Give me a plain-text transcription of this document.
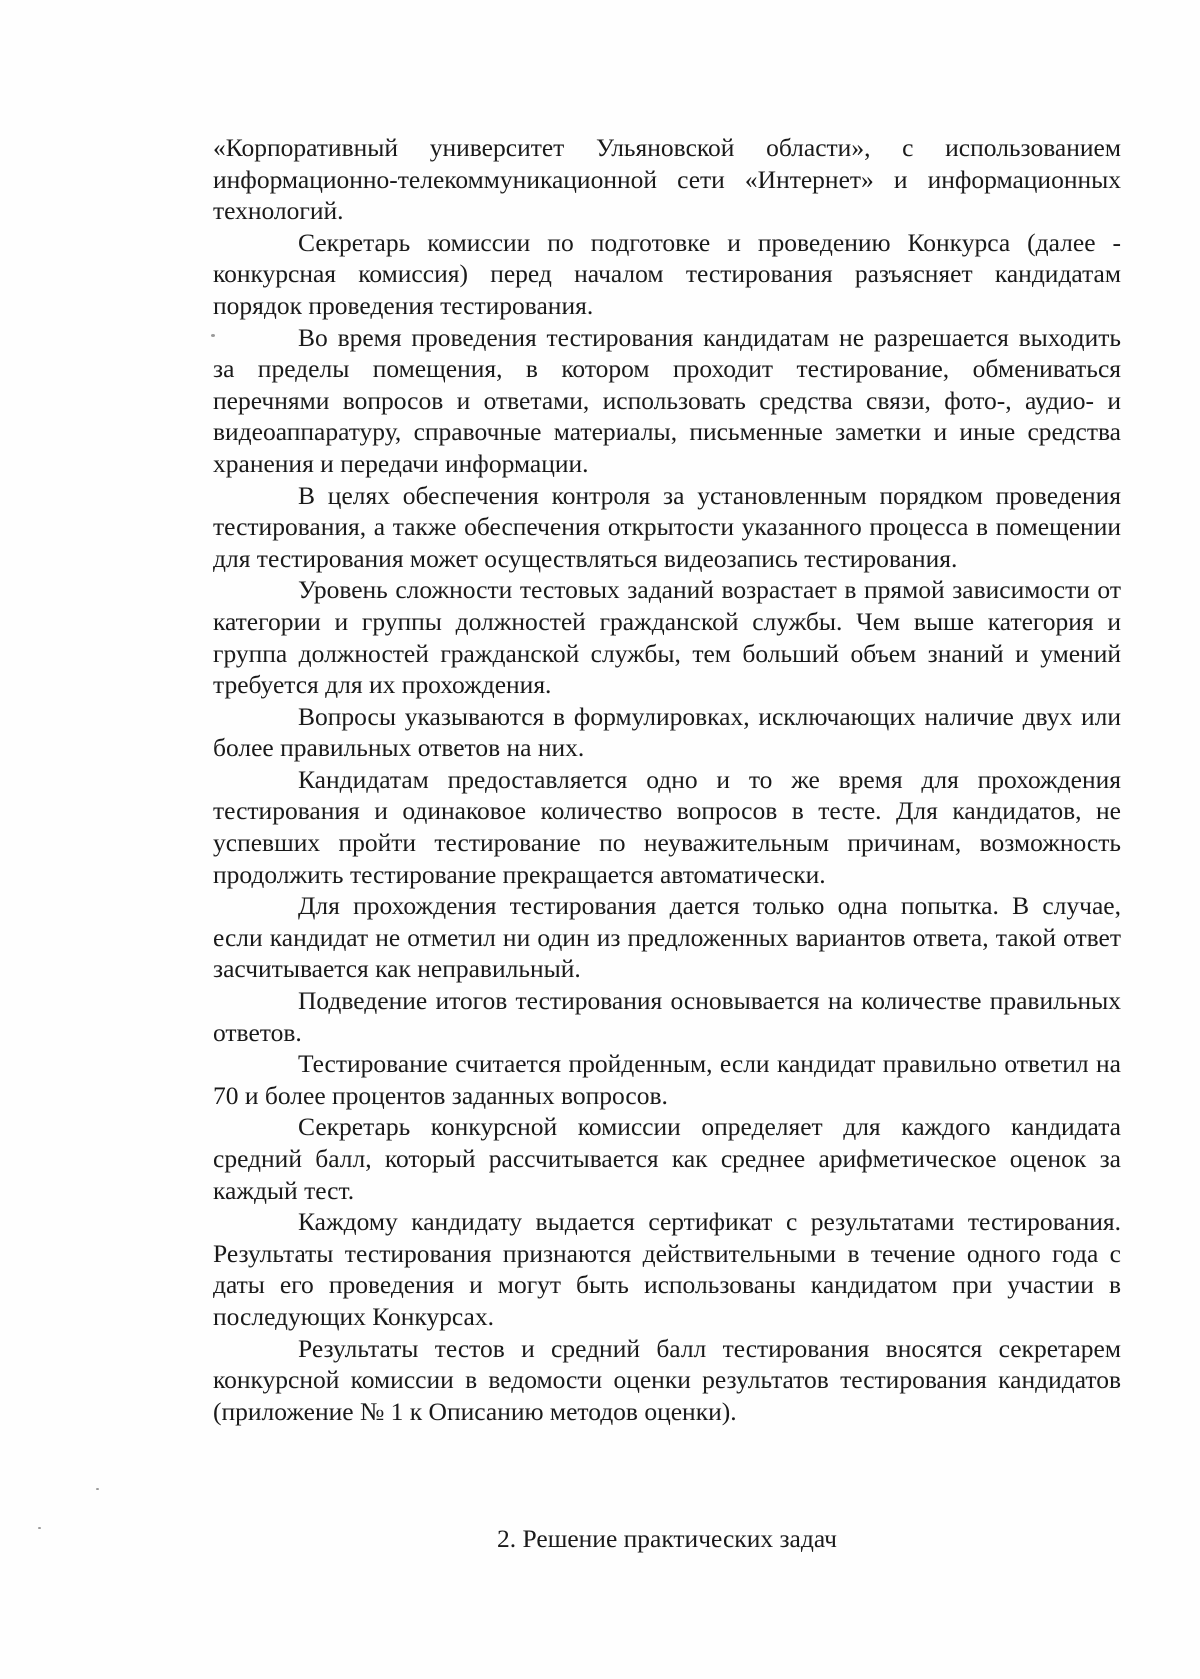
«Корпоративный университет Ульяновской области», с использованием информационно-телекоммуникационной сети «Интернет» и информационных технологий.

Секретарь комиссии по подготовке и проведению Конкурса (далее - конкурсная комиссия) перед началом тестирования разъясняет кандидатам порядок проведения тестирования.

Во время проведения тестирования кандидатам не разрешается выходить за пределы помещения, в котором проходит тестирование, обмениваться перечнями вопросов и ответами, использовать средства связи, фото-, аудио- и видеоаппаратуру, справочные материалы, письменные заметки и иные средства хранения и передачи информации.

В целях обеспечения контроля за установленным порядком проведения тестирования, а также обеспечения открытости указанного процесса в помещении для тестирования может осуществляться видеозапись тестирования.

Уровень сложности тестовых заданий возрастает в прямой зависимости от категории и группы должностей гражданской службы. Чем выше категория и группа должностей гражданской службы, тем больший объем знаний и умений требуется для их прохождения.

Вопросы указываются в формулировках, исключающих наличие двух или более правильных ответов на них.

Кандидатам предоставляется одно и то же время для прохождения тестирования и одинаковое количество вопросов в тесте. Для кандидатов, не успевших пройти тестирование по неуважительным причинам, возможность продолжить тестирование прекращается автоматически.

Для прохождения тестирования дается только одна попытка. В случае, если кандидат не отметил ни один из предложенных вариантов ответа, такой ответ засчитывается как неправильный.

Подведение итогов тестирования основывается на количестве правильных ответов.

Тестирование считается пройденным, если кандидат правильно ответил на 70 и более процентов заданных вопросов.

Секретарь конкурсной комиссии определяет для каждого кандидата средний балл, который рассчитывается как среднее арифметическое оценок за каждый тест.

Каждому кандидату выдается сертификат с результатами тестирования. Результаты тестирования признаются действительными в течение одного года с даты его проведения и могут быть использованы кандидатом при участии в последующих Конкурсах.

Результаты тестов и средний балл тестирования вносятся секретарем конкурсной комиссии в ведомости оценки результатов тестирования кандидатов (приложение № 1 к Описанию методов оценки).

2. Решение практических задач
